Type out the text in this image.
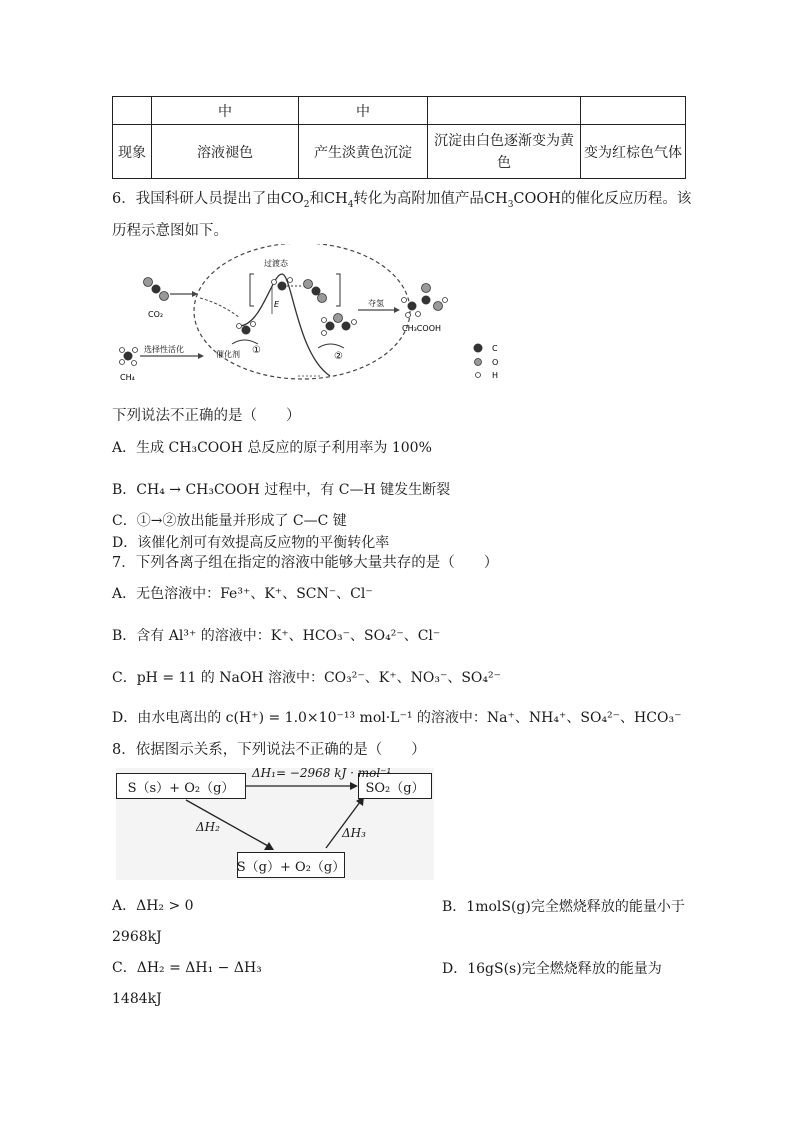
	中	中		
现象	溶液褪色	产生淡黄色沉淀	沉淀由白色逐渐变为黄色	变为红棕色气体
6．我国科研人员提出了由$CO_2$和$CH_4$转化为高附加值产品$CH_3COOH$的催化反应历程。该
历程示意图如下。
CO₂
CH₄
选择性活化
E
过渡态
催化剂 ①
②
夺氢
CH₃COOH
C
O
H
下列说法不正确的是（　　）
A．生成 CH₃COOH 总反应的原子利用率为 100%
B．CH₄ → CH₃COOH 过程中，有 C—H 键发生断裂
C．①→②放出能量并形成了 C—C 键
D．该催化剂可有效提高反应物的平衡转化率
7．下列各离子组在指定的溶液中能够大量共存的是（　　）
A．无色溶液中：Fe³⁺、K⁺、SCN⁻、Cl⁻
B．含有 Al³⁺ 的溶液中：K⁺、HCO₃⁻、SO₄²⁻、Cl⁻
C．pH = 11 的 NaOH 溶液中：CO₃²⁻、K⁺、NO₃⁻、SO₄²⁻
D．由水电离出的 c(H⁺) = 1.0×10⁻¹³ mol·L⁻¹ 的溶液中：Na⁺、NH₄⁺、SO₄²⁻、HCO₃⁻
8．依据图示关系，下列说法不正确的是（　　）
S（s）+ O₂（g）	SO₂（g）
S（g）+ O₂（g）
ΔH₁= −2968 kJ · mol⁻¹
ΔH₂	ΔH₃
A．ΔH₂ > 0	B．1molS(g)完全燃烧释放的能量小于
2968kJ
C．ΔH₂ = ΔH₁ − ΔH₃	D．16gS(s)完全燃烧释放的能量为
1484kJ
